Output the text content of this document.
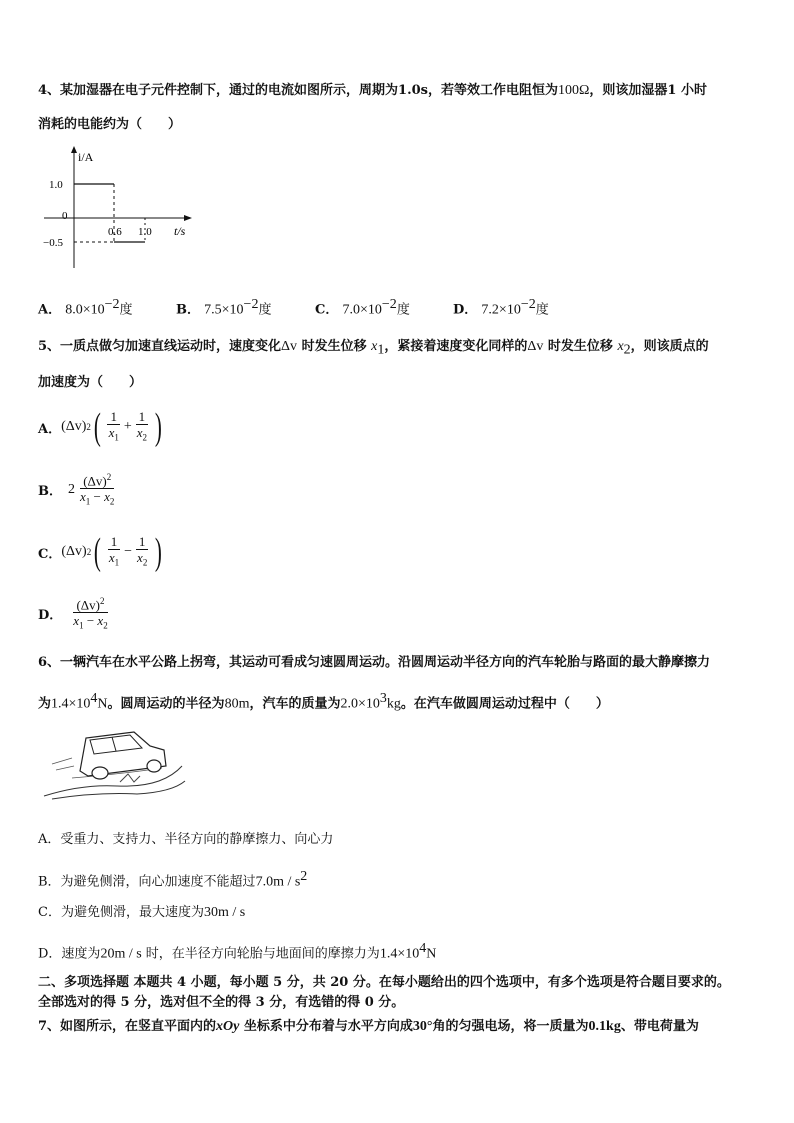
4、某加湿器在电子元件控制下，通过的电流如图所示，周期为1.0s，若等效工作电阻恒为100Ω，则该加湿器1 小时
消耗的电能约为（　　）
i/A
t/s
1.0
0
−0.5
0.6 1.0
A． $8.0\times 10^{-2}$度	B． $7.5\times 10^{-2}$度	C． $7.0\times 10^{-2}$度	D． $7.2\times 10^{-2}$度
5、一质点做匀加速直线运动时，速度变化Δv 时发生位移 $x_1$，紧接着速度变化同样的Δv 时发生位移 $x_2$，则该质点的
加速度为（　　）
A． (Δv) 2 ( $\frac{1}{x_1} + \frac{1}{x_2}$ )
B． $2 \frac{(\Delta v)^2}{x_1 - x_2}$
C． (Δv) 2 ( $\frac{1}{x_1} - \frac{1}{x_2}$ )
D． $\frac{(\Delta v)^2}{x_1 - x_2}$
6、一辆汽车在水平公路上拐弯，其运动可看成匀速圆周运动。沿圆周运动半径方向的汽车轮胎与路面的最大静摩擦力
为$1.4\times 10^4N$。圆周运动的半径为80m，汽车的质量为$2.0\times 10^3kg$。在汽车做圆周运动过程中（　　）
A．受重力、支持力、半径方向的静摩擦力、向心力
B．为避免侧滑，向心加速度不能超过$7.0m / s^2$
C．为避免侧滑，最大速度为30m / s
D．速度为20m / s 时，在半径方向轮胎与地面间的摩擦力为$1.4\times 10^4N$
二、多项选择题 本题共 4 小题，每小题 5 分，共 20 分。在每小题给出的四个选项中，有多个选项是符合题目要求的。
全部选对的得 5 分，选对但不全的得 3 分，有选错的得 0 分。
7、如图所示，在竖直平面内的xOy 坐标系中分布着与水平方向成30°角的匀强电场，将一质量为0.1kg、带电荷量为
